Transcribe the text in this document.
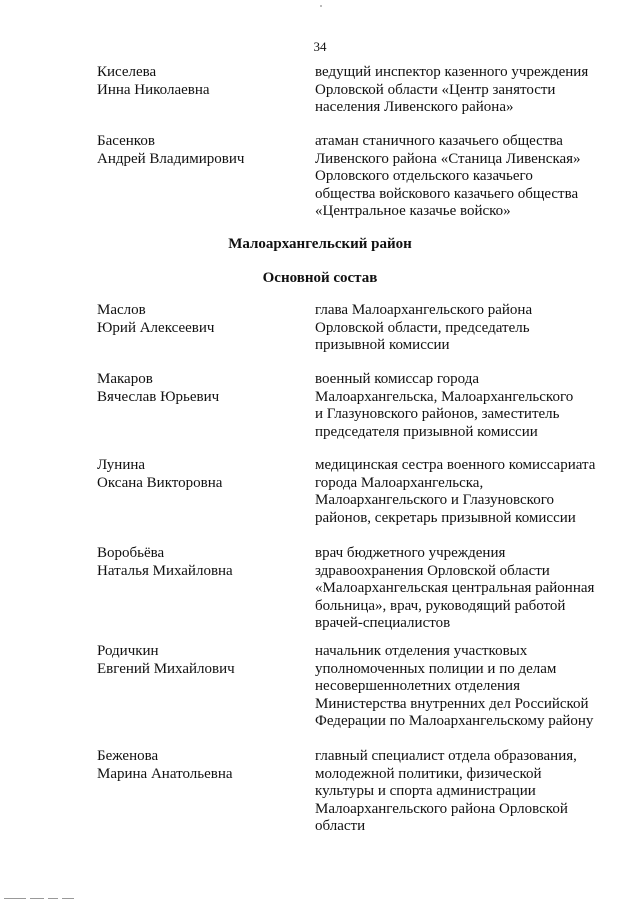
34
Киселева
Инна Николаевна
ведущий инспектор казенного учреждения
Орловской области «Центр занятости
населения Ливенского района»
Басенков
Андрей Владимирович
атаман станичного казачьего общества
Ливенского района «Станица Ливенская»
Орловского отдельского казачьего
общества войскового казачьего общества
«Центральное казачье войско»
Малоархангельский район
Основной состав
Маслов
Юрий Алексеевич
глава Малоархангельского района
Орловской области, председатель
призывной комиссии
Макаров
Вячеслав Юрьевич
военный комиссар города
Малоархангельска, Малоархангельского
и Глазуновского районов, заместитель
председателя призывной комиссии
Лунина
Оксана Викторовна
медицинская сестра военного комиссариата
города Малоархангельска,
Малоархангельского и Глазуновского
районов, секретарь призывной комиссии
Воробьёва
Наталья Михайловна
врач бюджетного учреждения
здравоохранения Орловской области
«Малоархангельская центральная районная
больница», врач, руководящий работой
врачей-специалистов
Родичкин
Евгений Михайлович
начальник отделения участковых
уполномоченных полиции и по делам
несовершеннолетних отделения
Министерства внутренних дел Российской
Федерации по Малоархангельскому району
Беженова
Марина Анатольевна
главный специалист отдела образования,
молодежной политики, физической
культуры и спорта администрации
Малоархангельского района Орловской
области
